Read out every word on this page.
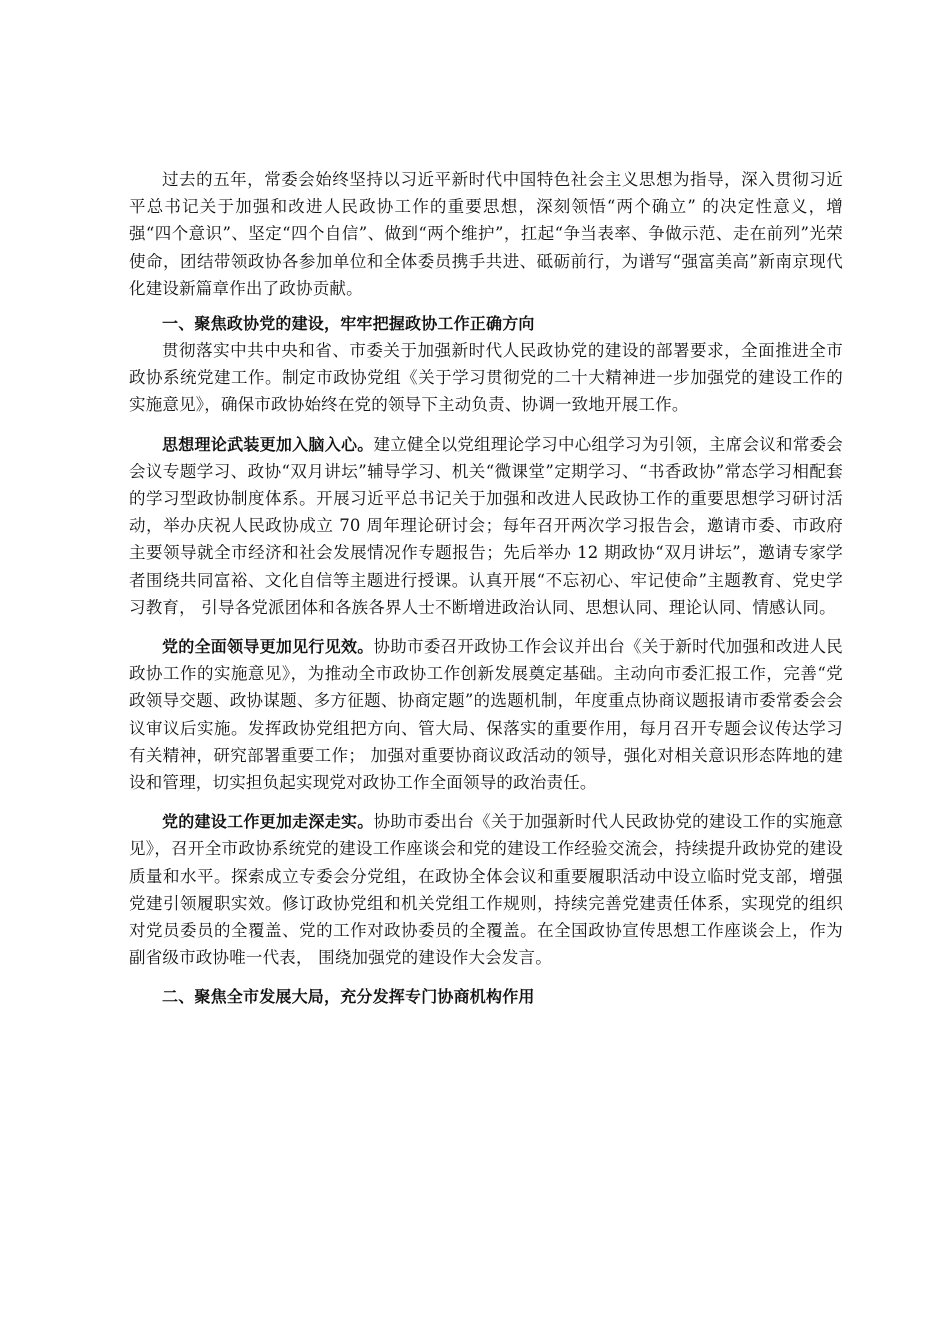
过去的五年，常委会始终坚持以习近平新时代中国特色社会主义思想为指导，深入贯彻习近平总书记关于加强和改进人民政协工作的重要思想，深刻领悟“两个确立” 的决定性意义，增强“四个意识”、坚定“四个自信”、做到“两个维护”，扛起“争当表率、争做示范、走在前列”光荣使命，团结带领政协各参加单位和全体委员携手共进、砥砺前行，为谱写“强富美高”新南京现代化建设新篇章作出了政协贡献。

一、聚焦政协党的建设，牢牢把握政协工作正确方向

贯彻落实中共中央和省、市委关于加强新时代人民政协党的建设的部署要求，全面推进全市政协系统党建工作。制定市政协党组《关于学习贯彻党的二十大精神进一步加强党的建设工作的实施意见》，确保市政协始终在党的领导下主动负责、协调一致地开展工作。

思想理论武装更加入脑入心。建立健全以党组理论学习中心组学习为引领，主席会议和常委会会议专题学习、政协“双月讲坛”辅导学习、机关“微课堂”定期学习、“书香政协”常态学习相配套的学习型政协制度体系。开展习近平总书记关于加强和改进人民政协工作的重要思想学习研讨活动，举办庆祝人民政协成立 70 周年理论研讨会；每年召开两次学习报告会，邀请市委、市政府主要领导就全市经济和社会发展情况作专题报告；先后举办 12 期政协“双月讲坛”，邀请专家学者围绕共同富裕、文化自信等主题进行授课。认真开展“不忘初心、牢记使命”主题教育、党史学习教育， 引导各党派团体和各族各界人士不断增进政治认同、思想认同、理论认同、情感认同。

党的全面领导更加见行见效。协助市委召开政协工作会议并出台《关于新时代加强和改进人民政协工作的实施意见》，为推动全市政协工作创新发展奠定基础。主动向市委汇报工作，完善“党政领导交题、政协谋题、多方征题、协商定题”的选题机制，年度重点协商议题报请市委常委会会议审议后实施。发挥政协党组把方向、管大局、保落实的重要作用，每月召开专题会议传达学习有关精神，研究部署重要工作； 加强对重要协商议政活动的领导，强化对相关意识形态阵地的建设和管理，切实担负起实现党对政协工作全面领导的政治责任。

党的建设工作更加走深走实。协助市委出台《关于加强新时代人民政协党的建设工作的实施意见》，召开全市政协系统党的建设工作座谈会和党的建设工作经验交流会，持续提升政协党的建设质量和水平。探索成立专委会分党组，在政协全体会议和重要履职活动中设立临时党支部，增强党建引领履职实效。修订政协党组和机关党组工作规则，持续完善党建责任体系，实现党的组织对党员委员的全覆盖、党的工作对政协委员的全覆盖。在全国政协宣传思想工作座谈会上，作为副省级市政协唯一代表， 围绕加强党的建设作大会发言。

二、聚焦全市发展大局，充分发挥专门协商机构作用
